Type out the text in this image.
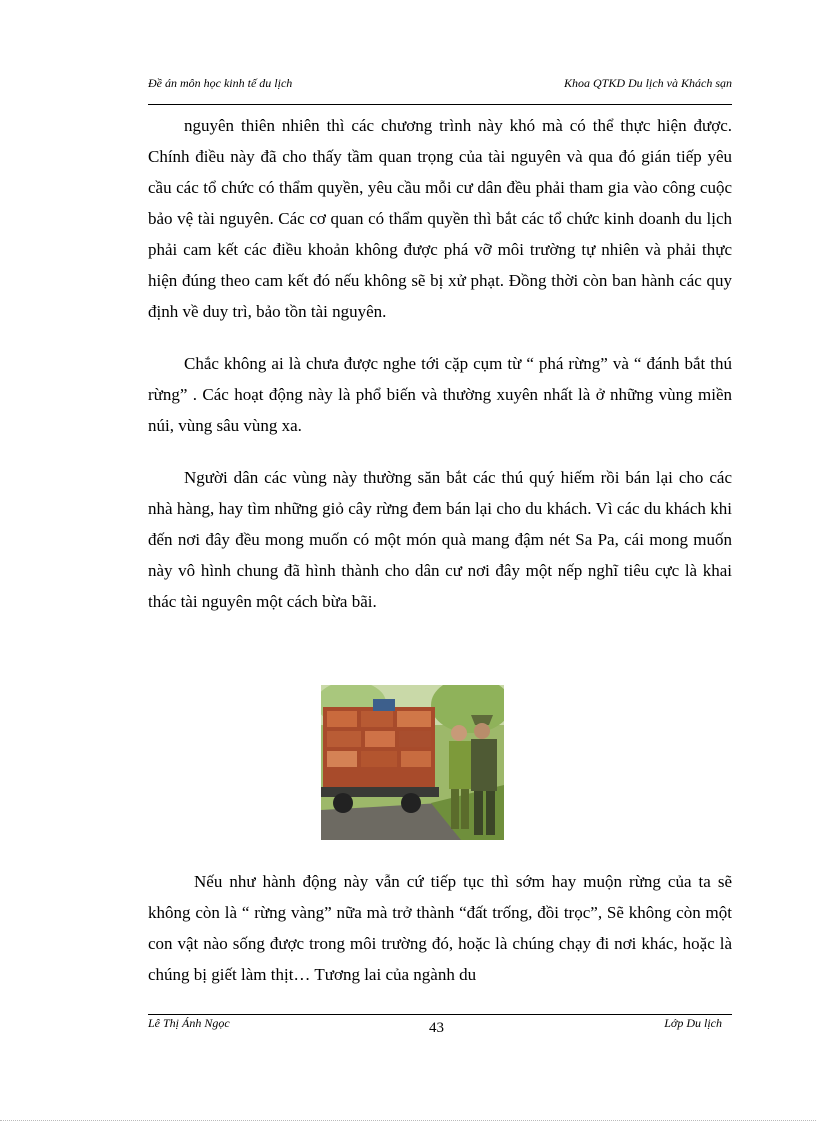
Đề án môn học kinh tế du lịch	Khoa QTKD Du lịch và Khách sạn

nguyên thiên nhiên thì các chương trình này khó mà có thể thực hiện được. Chính điều này đã cho thấy tầm quan trọng của tài nguyên và qua đó gián tiếp yêu cầu các tổ chức có thẩm quyền, yêu cầu mỗi cư dân đều phải tham gia vào công cuộc bảo vệ tài nguyên. Các cơ quan có thẩm quyền thì bắt các tổ chức kinh doanh du lịch phải cam kết các điều khoản không được phá vỡ môi trường tự nhiên và phải thực hiện đúng theo cam kết đó nếu không sẽ bị xử phạt. Đồng thời còn ban hành các quy định về duy trì, bảo tồn tài nguyên.

Chắc không ai là chưa được nghe tới cặp cụm từ “ phá rừng” và “ đánh bắt thú rừng” . Các hoạt động này là phổ biến và thường xuyên nhất là ở những vùng miền núi, vùng sâu vùng xa.

Người dân các vùng này thường săn bắt các thú quý hiếm rồi bán lại cho các nhà hàng, hay tìm những giỏ cây rừng đem bán lại cho du khách. Vì các du khách khi đến nơi đây đều mong muốn có một món quà mang đậm nét Sa Pa, cái mong muốn này vô hình chung đã hình thành cho dân cư nơi đây một nếp nghĩ tiêu cực là khai thác tài nguyên một cách bừa bãi.

Nếu như hành động này vẫn cứ tiếp tục thì sớm hay muộn rừng của ta sẽ không còn là “ rừng vàng” nữa mà trở thành “đất trống, đồi trọc”, Sẽ không còn một con vật nào sống được trong môi trường đó, hoặc là chúng chạy đi nơi khác, hoặc là chúng bị giết làm thịt… Tương lai của ngành du

Lê Thị Ánh Ngọc	43	Lớp Du lịch
